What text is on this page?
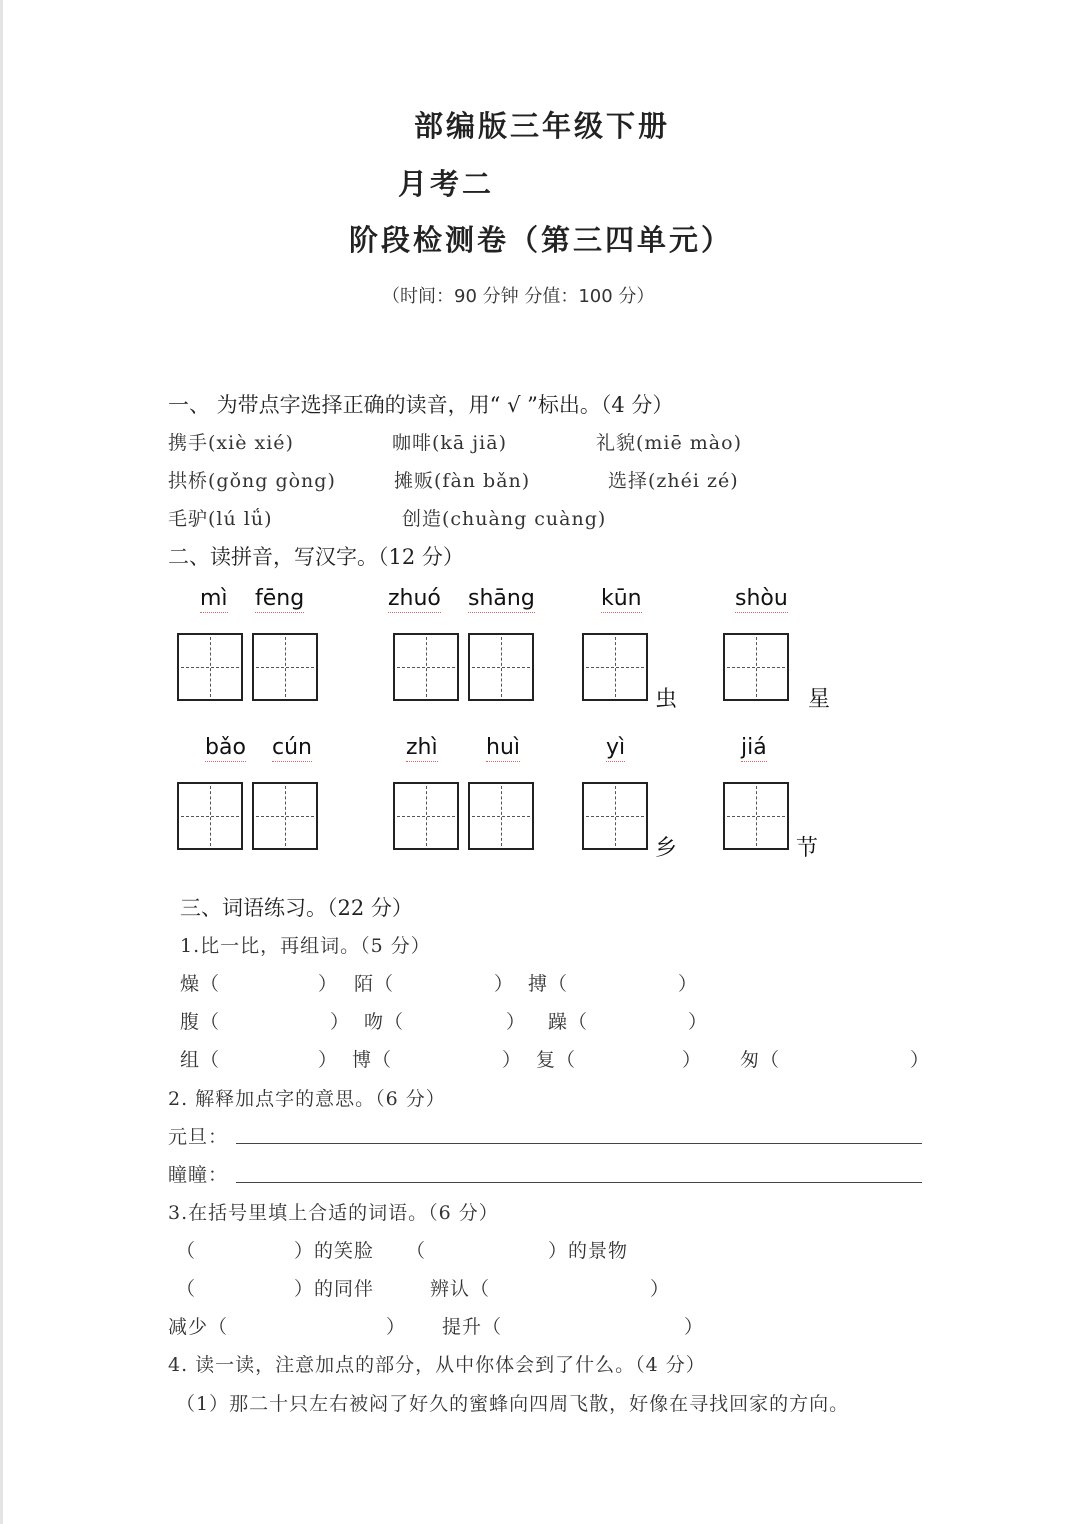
部编版三年级下册
月考二
阶段检测卷（第三四单元）
（时间：90 分钟 分值：100 分）
一、 为带点字选择正确的读音，用“ √ ”标出。（4 分）
携手(xiè xié)	咖啡(kā jiā)	礼貌(miē mào)
拱桥(gǒng gòng)	摊贩(fàn bǎn)	选择(zhéi zé)
毛驴(lú lǘ)	创造(chuàng cuàng)
二、读拼音，写汉字。（12 分）
mì fēng	zhuó shāng	kūn	shòu
虫	星
bǎo cún	zhì huì	yì	jiá
乡	节
三、词语练习。（22 分）
1.比一比，再组词。（5 分）
燥（	） 陌（	） 搏（	）
腹（	） 吻（	） 躁（	）
组（	） 博（	） 复（	） 匆（	）
2. 解释加点字的意思。（6 分）
元旦：
瞳瞳：
3.在括号里填上合适的词语。（6 分）
（	）的笑脸 （	）的景物
（	）的同伴	辨认（	）
减少（	） 提升（	）
4. 读一读，注意加点的部分，从中你体会到了什么。（4 分）
（1）那二十只左右被闷了好久的蜜蜂向四周飞散，好像在寻找回家的方向。
